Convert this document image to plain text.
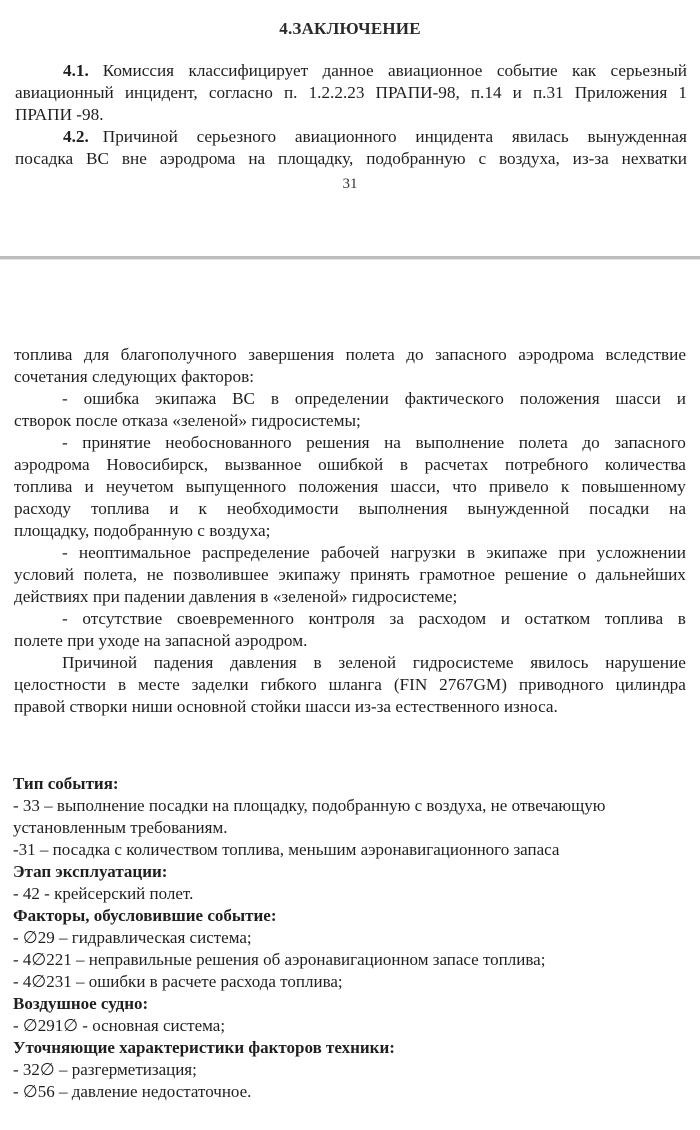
4.ЗАКЛЮЧЕНИЕ
4.1. Комиссия классифицирует данное авиационное событие как серьезный
авиационный инцидент, согласно п. 1.2.2.23 ПРАПИ-98, п.14 и п.31 Приложения 1
ПРАПИ -98.
4.2. Причиной серьезного авиационного инцидента явилась вынужденная
посадка ВС вне аэродрома на площадку, подобранную с воздуха, из-за нехватки
31
топлива для благополучного завершения полета до запасного аэродрома вследствие
сочетания следующих факторов:
- ошибка экипажа ВС в определении фактического положения шасси и
створок после отказа «зеленой» гидросистемы;
- принятие необоснованного решения на выполнение полета до запасного
аэродрома Новосибирск, вызванное ошибкой в расчетах потребного количества
топлива и неучетом выпущенного положения шасси, что привело к повышенному
расходу топлива и к необходимости выполнения вынужденной посадки на
площадку, подобранную с воздуха;
- неоптимальное распределение рабочей нагрузки в экипаже при усложнении
условий полета, не позволившее экипажу принять грамотное решение о дальнейших
действиях при падении давления в «зеленой» гидросистеме;
- отсутствие своевременного контроля за расходом и остатком топлива в
полете при уходе на запасной аэродром.
Причиной падения давления в зеленой гидросистеме явилось нарушение
целостности в месте заделки гибкого шланга (FIN 2767GM) приводного цилиндра
правой створки ниши основной стойки шасси из-за естественного износа.
Тип события:
- 33 – выполнение посадки на площадку, подобранную с воздуха, не отвечающую
установленным требованиям.
-31 – посадка с количеством топлива, меньшим аэронавигационного запаса
Этап эксплуатации:
- 42 - крейсерский полет.
Факторы, обусловившие событие:
- ∅29 – гидравлическая система;
- 4∅221 – неправильные решения об аэронавигационном запасе топлива;
- 4∅231 – ошибки в расчете расхода топлива;
Воздушное судно:
- ∅291∅ - основная система;
Уточняющие характеристики факторов техники:
- 32∅ – разгерметизация;
- ∅56 – давление недостаточное.
